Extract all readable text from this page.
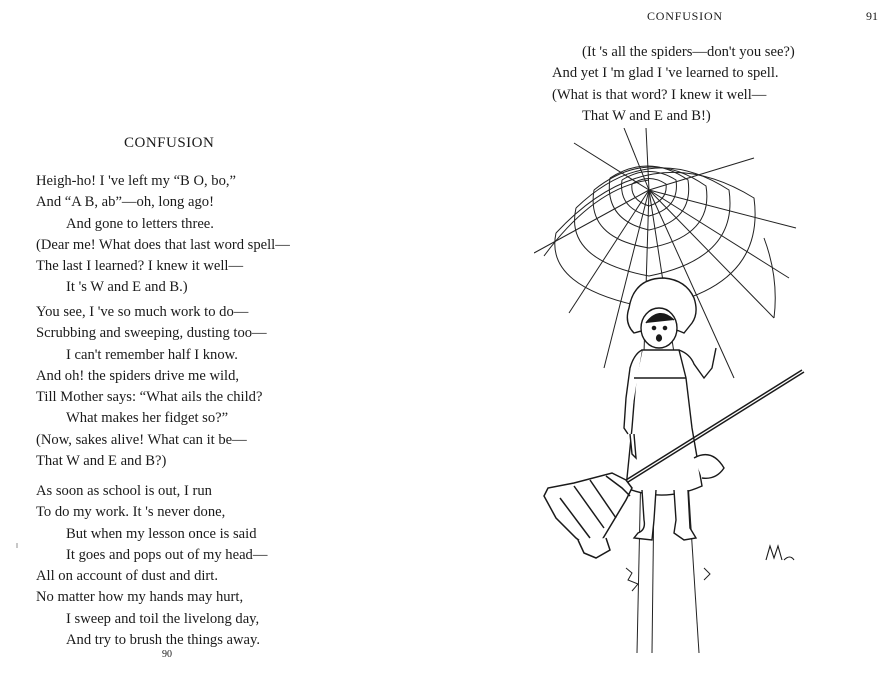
CONFUSION
Heigh-ho! I 've left my “B O, bo,”
And “A B, ab”—oh, long ago!
And gone to letters three.
(Dear me! What does that last word spell—
The last I learned? I knew it well—
It 's W and E and B.)
You see, I 've so much work to do—
Scrubbing and sweeping, dusting too—
I can't remember half I know.
And oh! the spiders drive me wild,
Till Mother says: “What ails the child?
What makes her fidget so?”
(Now, sakes alive! What can it be—
That W and E and B?)
As soon as school is out, I run
To do my work. It 's never done,
But when my lesson once is said
It goes and pops out of my head—
All on account of dust and dirt.
No matter how my hands may hurt,
I sweep and toil the livelong day,
And try to brush the things away.
90
CONFUSION	91
(It 's all the spiders—don't you see?)
And yet I 'm glad I 've learned to spell.
(What is that word? I knew it well—
That W and E and B!)
